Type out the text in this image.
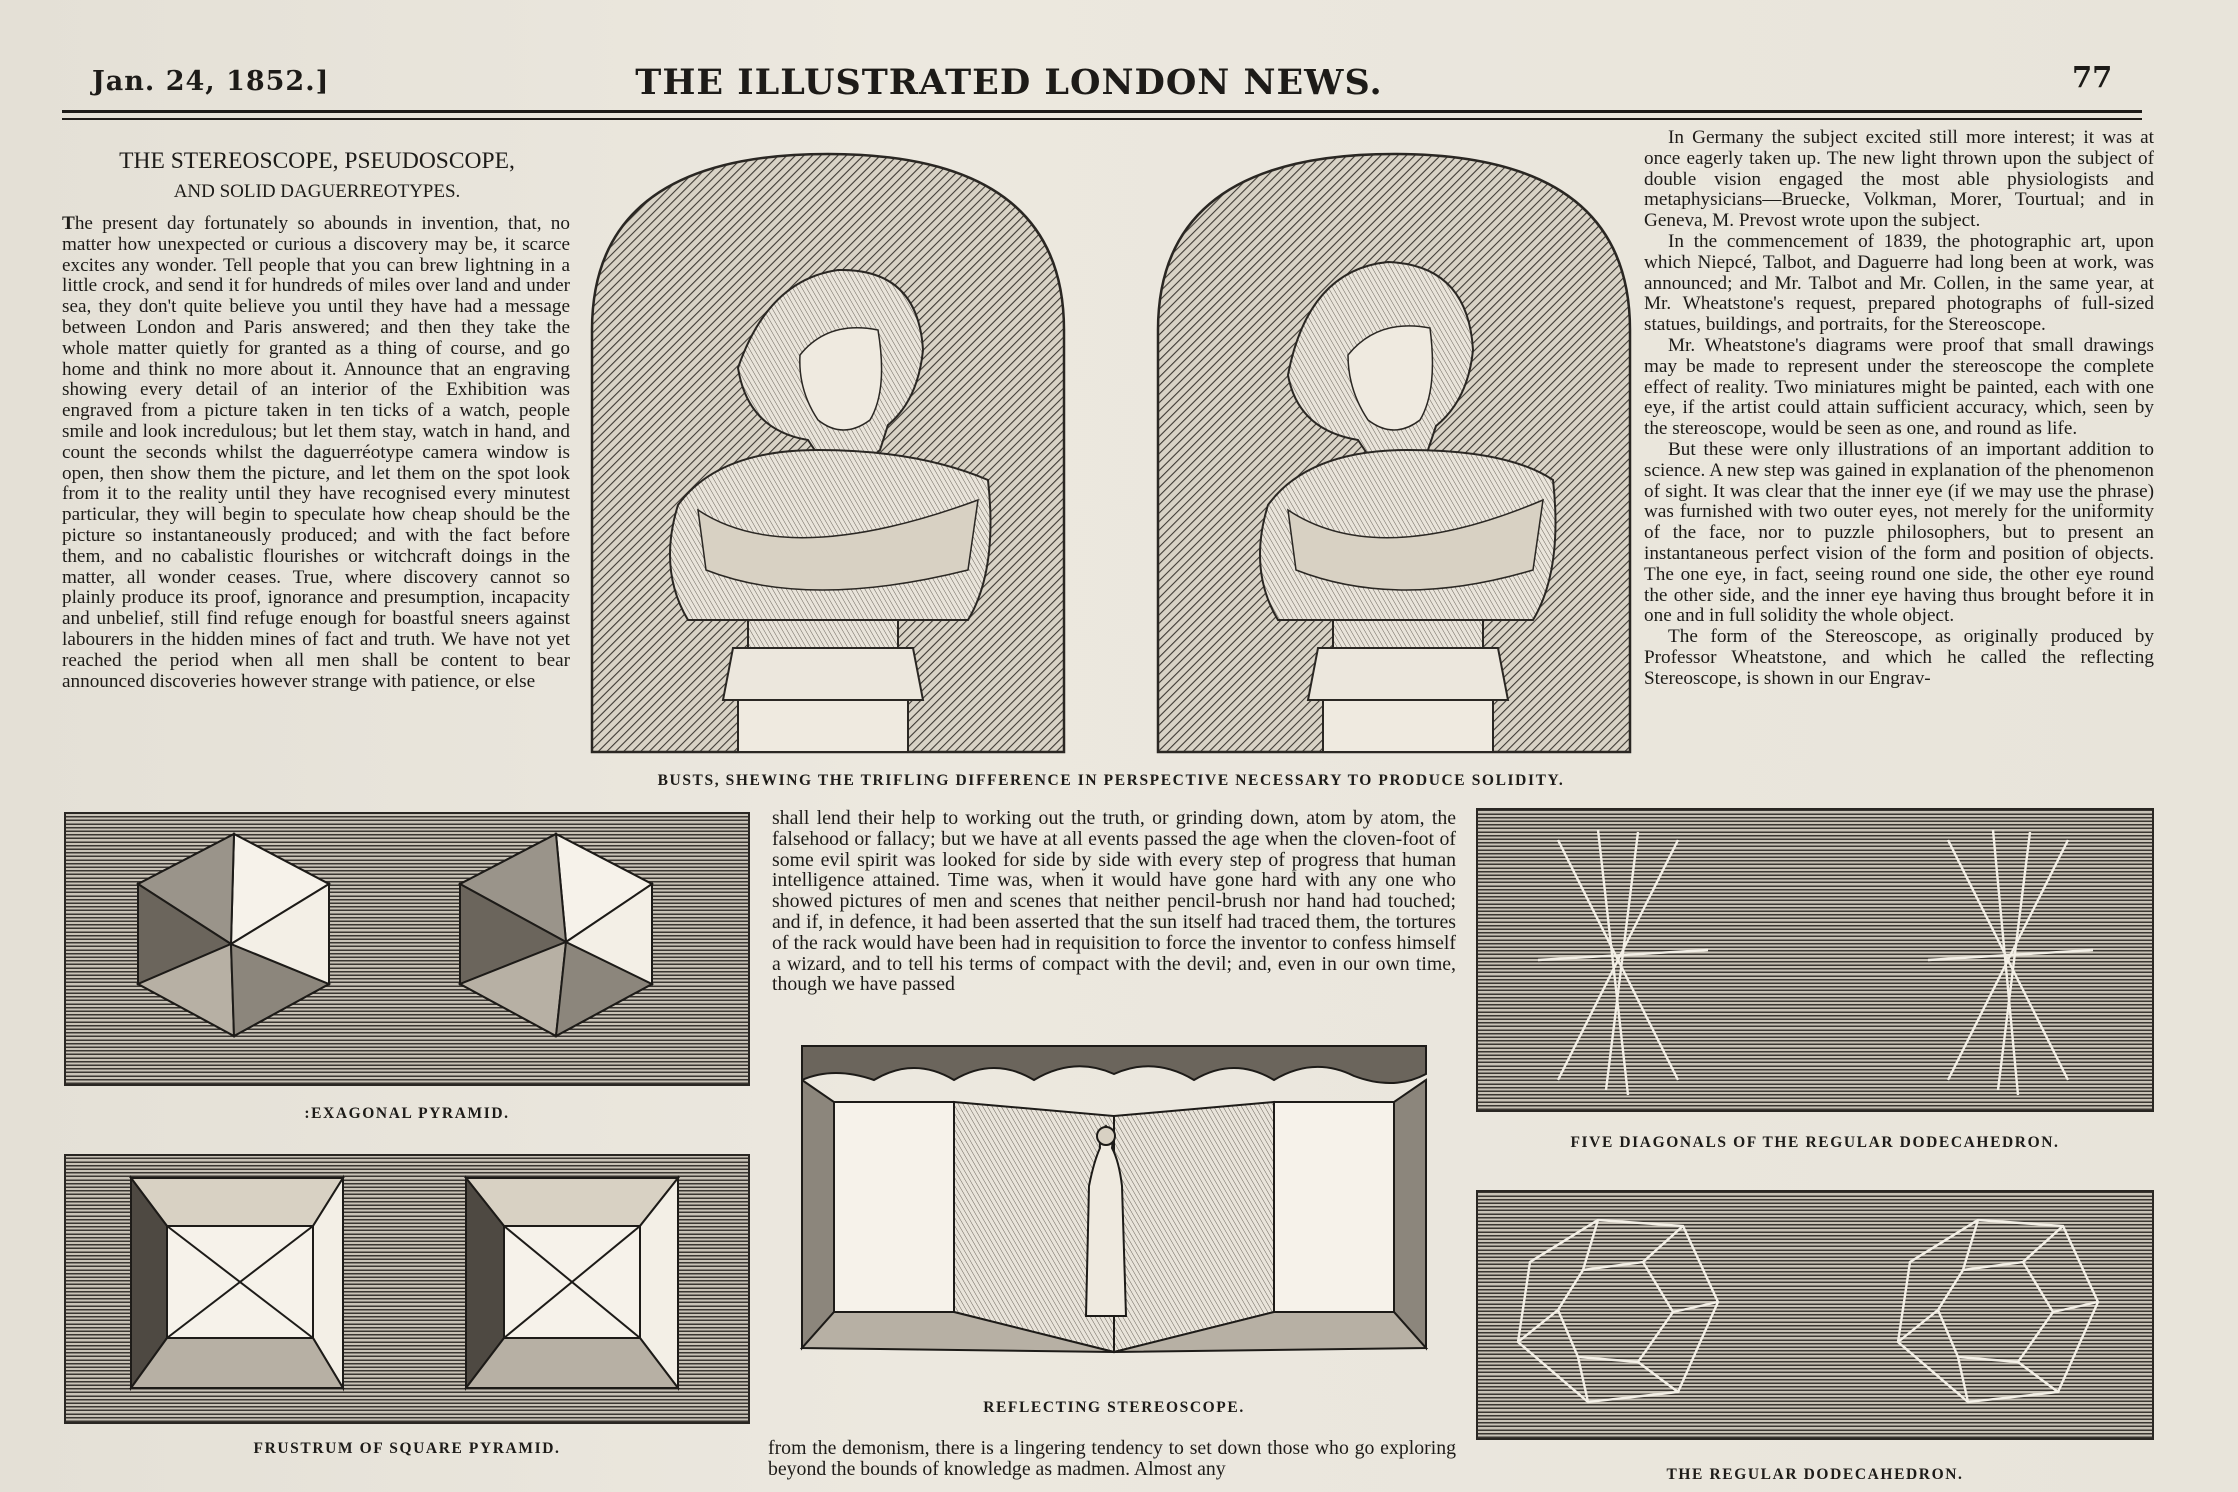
Jan. 24, 1852.]	THE ILLUSTRATED LONDON NEWS.	77
THE STEREOSCOPE, PSEUDOSCOPE,
AND SOLID DAGUERREOTYPES.

The present day fortunately so abounds in invention, that, no matter how unexpected or curious a discovery may be, it scarce excites any wonder. Tell people that you can brew lightning in a little crock, and send it for hundreds of miles over land and under sea, they don't quite believe you until they have had a message between London and Paris answered; and then they take the whole matter quietly for granted as a thing of course, and go home and think no more about it. Announce that an engraving showing every detail of an interior of the Exhibition was engraved from a picture taken in ten ticks of a watch, people smile and look incredulous; but let them stay, watch in hand, and count the seconds whilst the daguerréotype camera window is open, then show them the picture, and let them on the spot look from it to the reality until they have recognised every minutest particular, they will begin to speculate how cheap should be the picture so instantaneously produced; and with the fact before them, and no cabalistic flourishes or witchcraft doings in the matter, all wonder ceases. True, where discovery cannot so plainly produce its proof, ignorance and presumption, incapacity and unbelief, still find refuge enough for boastful sneers against labourers in the hidden mines of fact and truth. We have not yet reached the period when all men shall be content to bear announced discoveries however strange with patience, or else

In Germany the subject excited still more interest; it was at once eagerly taken up. The new light thrown upon the subject of double vision engaged the most able physiologists and metaphysicians—Bruecke, Volkman, Morer, Tourtual; and in Geneva, M. Prevost wrote upon the subject.

In the commencement of 1839, the photographic art, upon which Niepcé, Talbot, and Daguerre had long been at work, was announced; and Mr. Talbot and Mr. Collen, in the same year, at Mr. Wheatstone's request, prepared photographs of full-sized statues, buildings, and portraits, for the Stereoscope.

Mr. Wheatstone's diagrams were proof that small drawings may be made to represent under the stereoscope the complete effect of reality. Two miniatures might be painted, each with one eye, if the artist could attain sufficient accuracy, which, seen by the stereoscope, would be seen as one, and round as life.

But these were only illustrations of an important addition to science. A new step was gained in explanation of the phenomenon of sight. It was clear that the inner eye (if we may use the phrase) was furnished with two outer eyes, not merely for the uniformity of the face, nor to puzzle philosophers, but to present an instantaneous perfect vision of the form and position of objects. The one eye, in fact, seeing round one side, the other eye round the other side, and the inner eye having thus brought before it in one and in full solidity the whole object.

The form of the Stereoscope, as originally produced by Professor Wheatstone, and which he called the reflecting Stereoscope, is shown in our Engrav-

shall lend their help to working out the truth, or grinding down, atom by atom, the falsehood or fallacy; but we have at all events passed the age when the cloven-foot of some evil spirit was looked for side by side with every step of progress that human intelligence attained. Time was, when it would have gone hard with any one who showed pictures of men and scenes that neither pencil-brush nor hand had touched; and if, in defence, it had been asserted that the sun itself had traced them, the tortures of the rack would have been had in requisition to force the inventor to confess himself a wizard, and to tell his terms of compact with the devil; and, even in our own time, though we have passed

from the demonism, there is a lingering tendency to set down those who go exploring beyond the bounds of knowledge as madmen. Almost any

BUSTS, SHEWING THE TRIFLING DIFFERENCE IN PERSPECTIVE NECESSARY TO PRODUCE SOLIDITY.
:EXAGONAL PYRAMID.
FRUSTRUM OF SQUARE PYRAMID.
REFLECTING STEREOSCOPE.
FIVE DIAGONALS OF THE REGULAR DODECAHEDRON.
THE REGULAR DODECAHEDRON.
